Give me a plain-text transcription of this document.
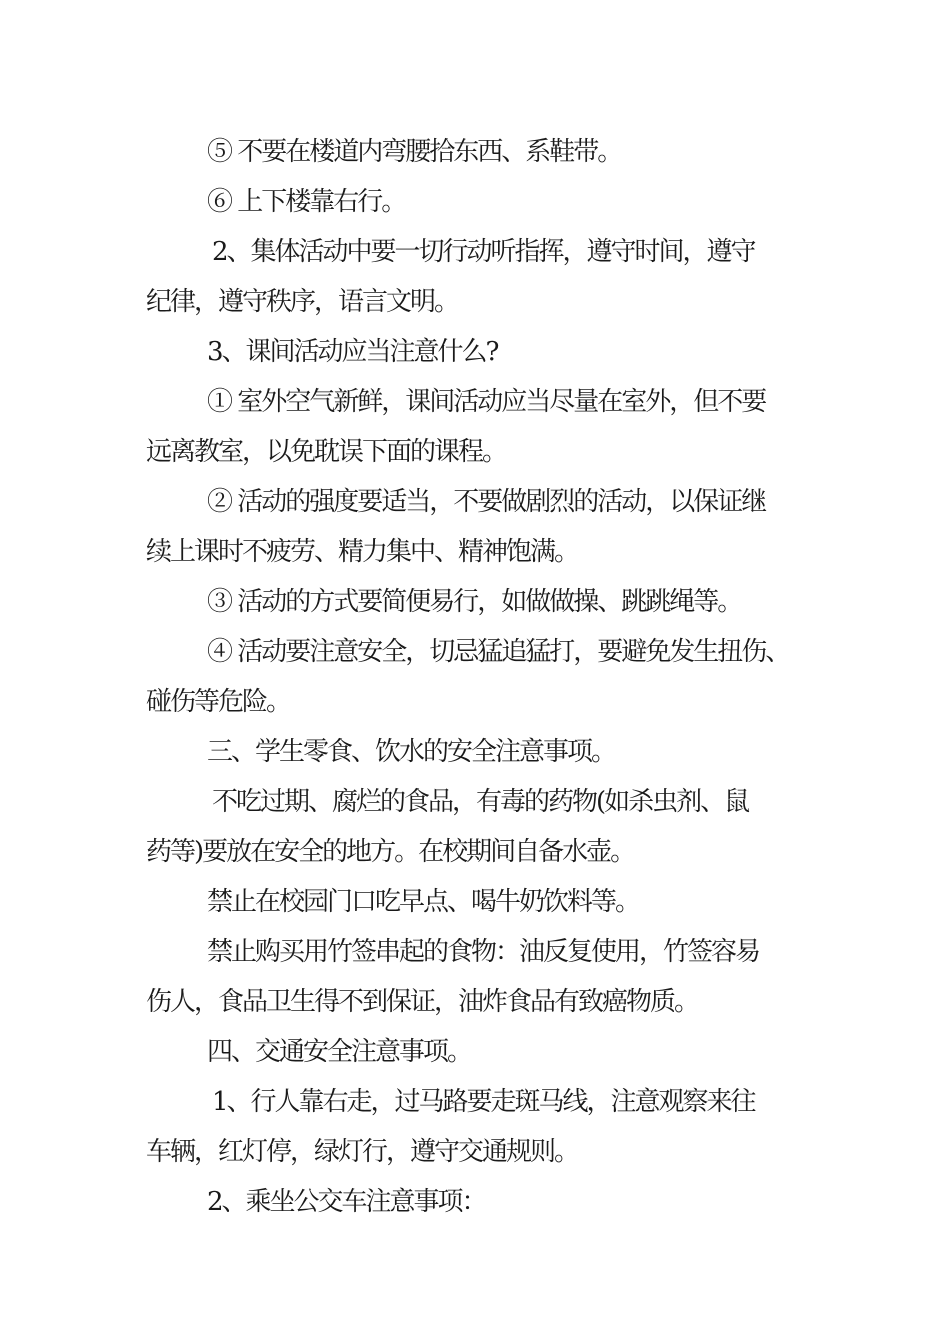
⑤ 不要在楼道内弯腰拾东西、系鞋带。
⑥ 上下楼靠右行。
2、集体活动中要一切行动听指挥，遵守时间，遵守
纪律，遵守秩序，语言文明。
3、课间活动应当注意什么?
① 室外空气新鲜，课间活动应当尽量在室外，但不要
远离教室，以免耽误下面的课程。
② 活动的强度要适当，不要做剧烈的活动，以保证继
续上课时不疲劳、精力集中、精神饱满。
③ 活动的方式要简便易行，如做做操、跳跳绳等。
④ 活动要注意安全，切忌猛追猛打，要避免发生扭伤、
碰伤等危险。
三、学生零食、饮水的安全注意事项。
不吃过期、腐烂的食品，有毒的药物(如杀虫剂、鼠
药等)要放在安全的地方。在校期间自备水壶。
禁止在校园门口吃早点、喝牛奶饮料等。
禁止购买用竹签串起的食物：油反复使用，竹签容易
伤人，食品卫生得不到保证，油炸食品有致癌物质。
四、交通安全注意事项。
1、行人靠右走，过马路要走斑马线，注意观察来往
车辆，红灯停，绿灯行，遵守交通规则。
2、乘坐公交车注意事项：
